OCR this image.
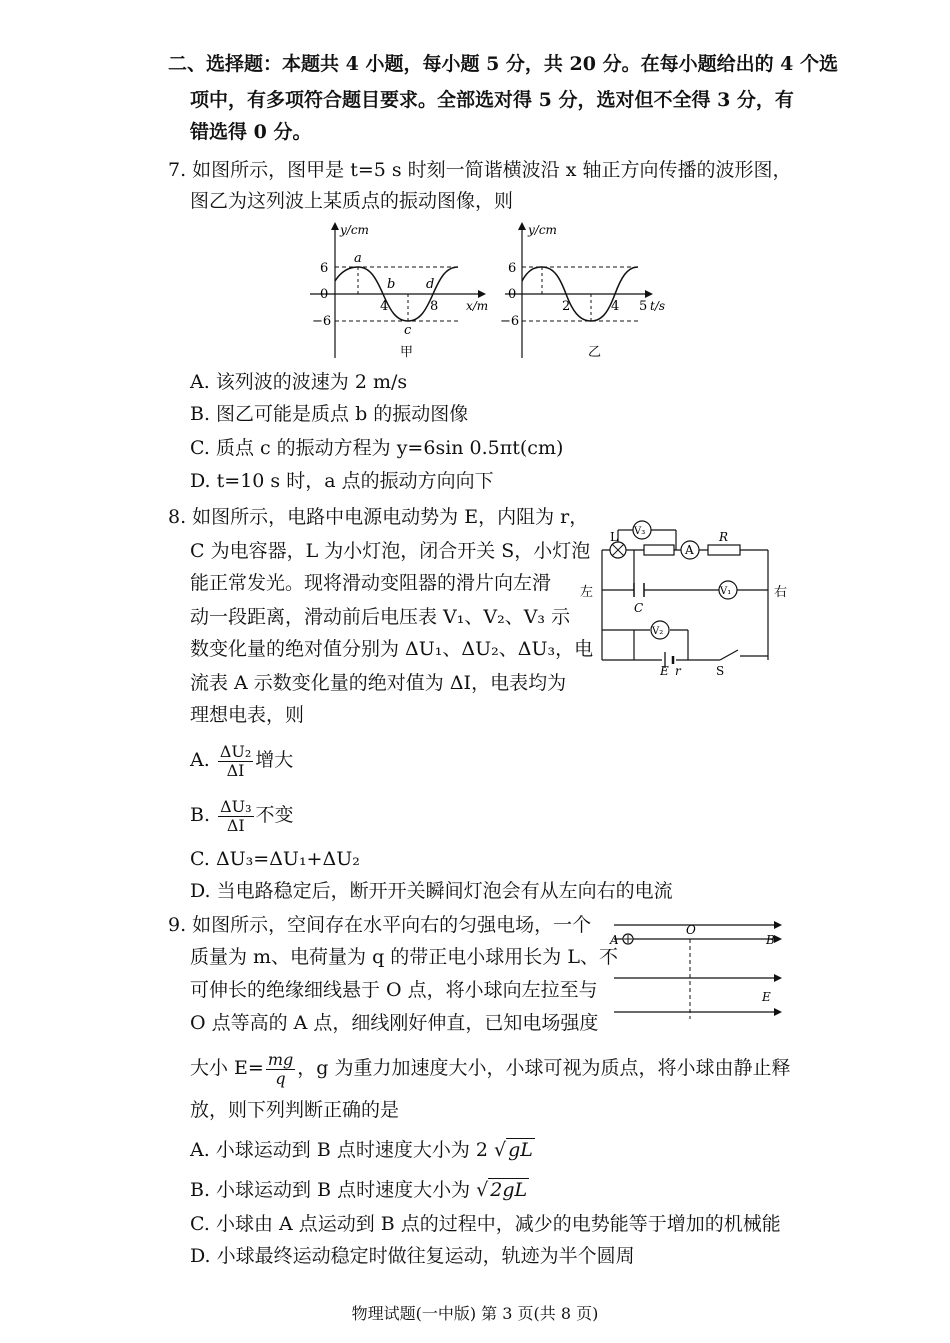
二、选择题：本题共 4 小题，每小题 5 分，共 20 分。在每小题给出的 4 个选
项中，有多项符合题目要求。全部选对得 5 分，选对但不全得 3 分，有
错选得 0 分。
7. 如图所示，图甲是 t=5 s 时刻一简谐横波沿 x 轴正方向传播的波形图，
图乙为这列波上某质点的振动图像，则
y/cm
x/m
6
0
−6
4	8
a
b
c
d
甲
y/cm
t/s
6
0
−6
2	4 5
乙
A. 该列波的波速为 2 m/s
B. 图乙可能是质点 b 的振动图像
C. 质点 c 的振动方程为 y=6sin 0.5πt(cm)
D. t=10 s 时，a 点的振动方向向下
8. 如图所示，电路中电源电动势为 E，内阻为 r，
C 为电容器，L 为小灯泡，闭合开关 S，小灯泡
能正常发光。现将滑动变阻器的滑片向左滑
动一段距离，滑动前后电压表 V₁、V₂、V₃ 示
数变化量的绝对值分别为 ΔU₁、ΔU₂、ΔU₃，电
流表 A 示数变化量的绝对值为 ΔI，电表均为
理想电表，则
L	R
A
V₃
V₁
V₂
C
E r	S
左	右
A. $\frac{\text{ΔU₂}}{\Delta I}$ 增大
B. $\frac{\text{ΔU₃}}{\Delta I}$ 不变
C. ΔU₃=ΔU₁+ΔU₂
D. 当电路稳定后，断开开关瞬间灯泡会有从左向右的电流
9. 如图所示，空间存在水平向右的匀强电场，一个
质量为 m、电荷量为 q 的带正电小球用长为 L、不
可伸长的绝缘细线悬于 O 点，将小球向左拉至与
O 点等高的 A 点，细线刚好伸直，已知电场强度
A
O
B
E
大小 $E= \frac{mg}{q}$ ，g 为重力加速度大小，小球可视为质点，将小球由静止释
放，则下列判断正确的是
A. 小球运动到 B 点时速度大小为 2 √ gL
B. 小球运动到 B 点时速度大小为 √ 2gL
C. 小球由 A 点运动到 B 点的过程中，减少的电势能等于增加的机械能
D. 小球最终运动稳定时做往复运动，轨迹为半个圆周
物理试题(一中版) 第 3 页(共 8 页)
